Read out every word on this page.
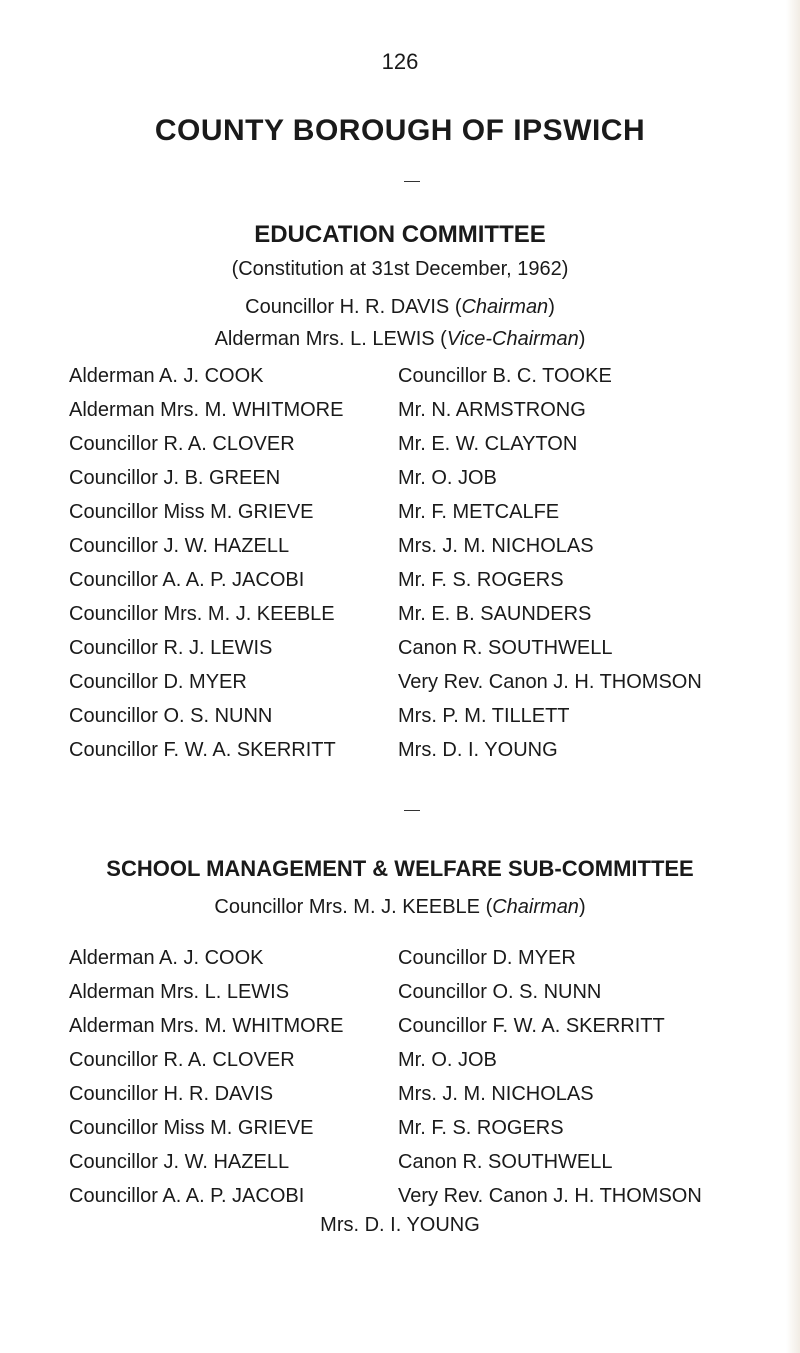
126
COUNTY BOROUGH OF IPSWICH
EDUCATION COMMITTEE
(Constitution at 31st December, 1962)
Councillor H. R. DAVIS (Chairman)
Alderman Mrs. L. LEWIS (Vice-Chairman)
Alderman A. J. COOK
Alderman Mrs. M. WHITMORE
Councillor R. A. CLOVER
Councillor J. B. GREEN
Councillor Miss M. GRIEVE
Councillor J. W. HAZELL
Councillor A. A. P. JACOBI
Councillor Mrs. M. J. KEEBLE
Councillor R. J. LEWIS
Councillor D. MYER
Councillor O. S. NUNN
Councillor F. W. A. SKERRITT
Councillor B. C. TOOKE
Mr. N. ARMSTRONG
Mr. E. W. CLAYTON
Mr. O. JOB
Mr. F. METCALFE
Mrs. J. M. NICHOLAS
Mr. F. S. ROGERS
Mr. E. B. SAUNDERS
Canon R. SOUTHWELL
Very Rev. Canon J. H. THOMSON
Mrs. P. M. TILLETT
Mrs. D. I. YOUNG
SCHOOL MANAGEMENT & WELFARE SUB-COMMITTEE
Councillor Mrs. M. J. KEEBLE (Chairman)
Alderman A. J. COOK
Alderman Mrs. L. LEWIS
Alderman Mrs. M. WHITMORE
Councillor R. A. CLOVER
Councillor H. R. DAVIS
Councillor Miss M. GRIEVE
Councillor J. W. HAZELL
Councillor A. A. P. JACOBI
Councillor D. MYER
Councillor O. S. NUNN
Councillor F. W. A. SKERRITT
Mr. O. JOB
Mrs. J. M. NICHOLAS
Mr. F. S. ROGERS
Canon R. SOUTHWELL
Very Rev. Canon J. H. THOMSON
Mrs. D. I. YOUNG
